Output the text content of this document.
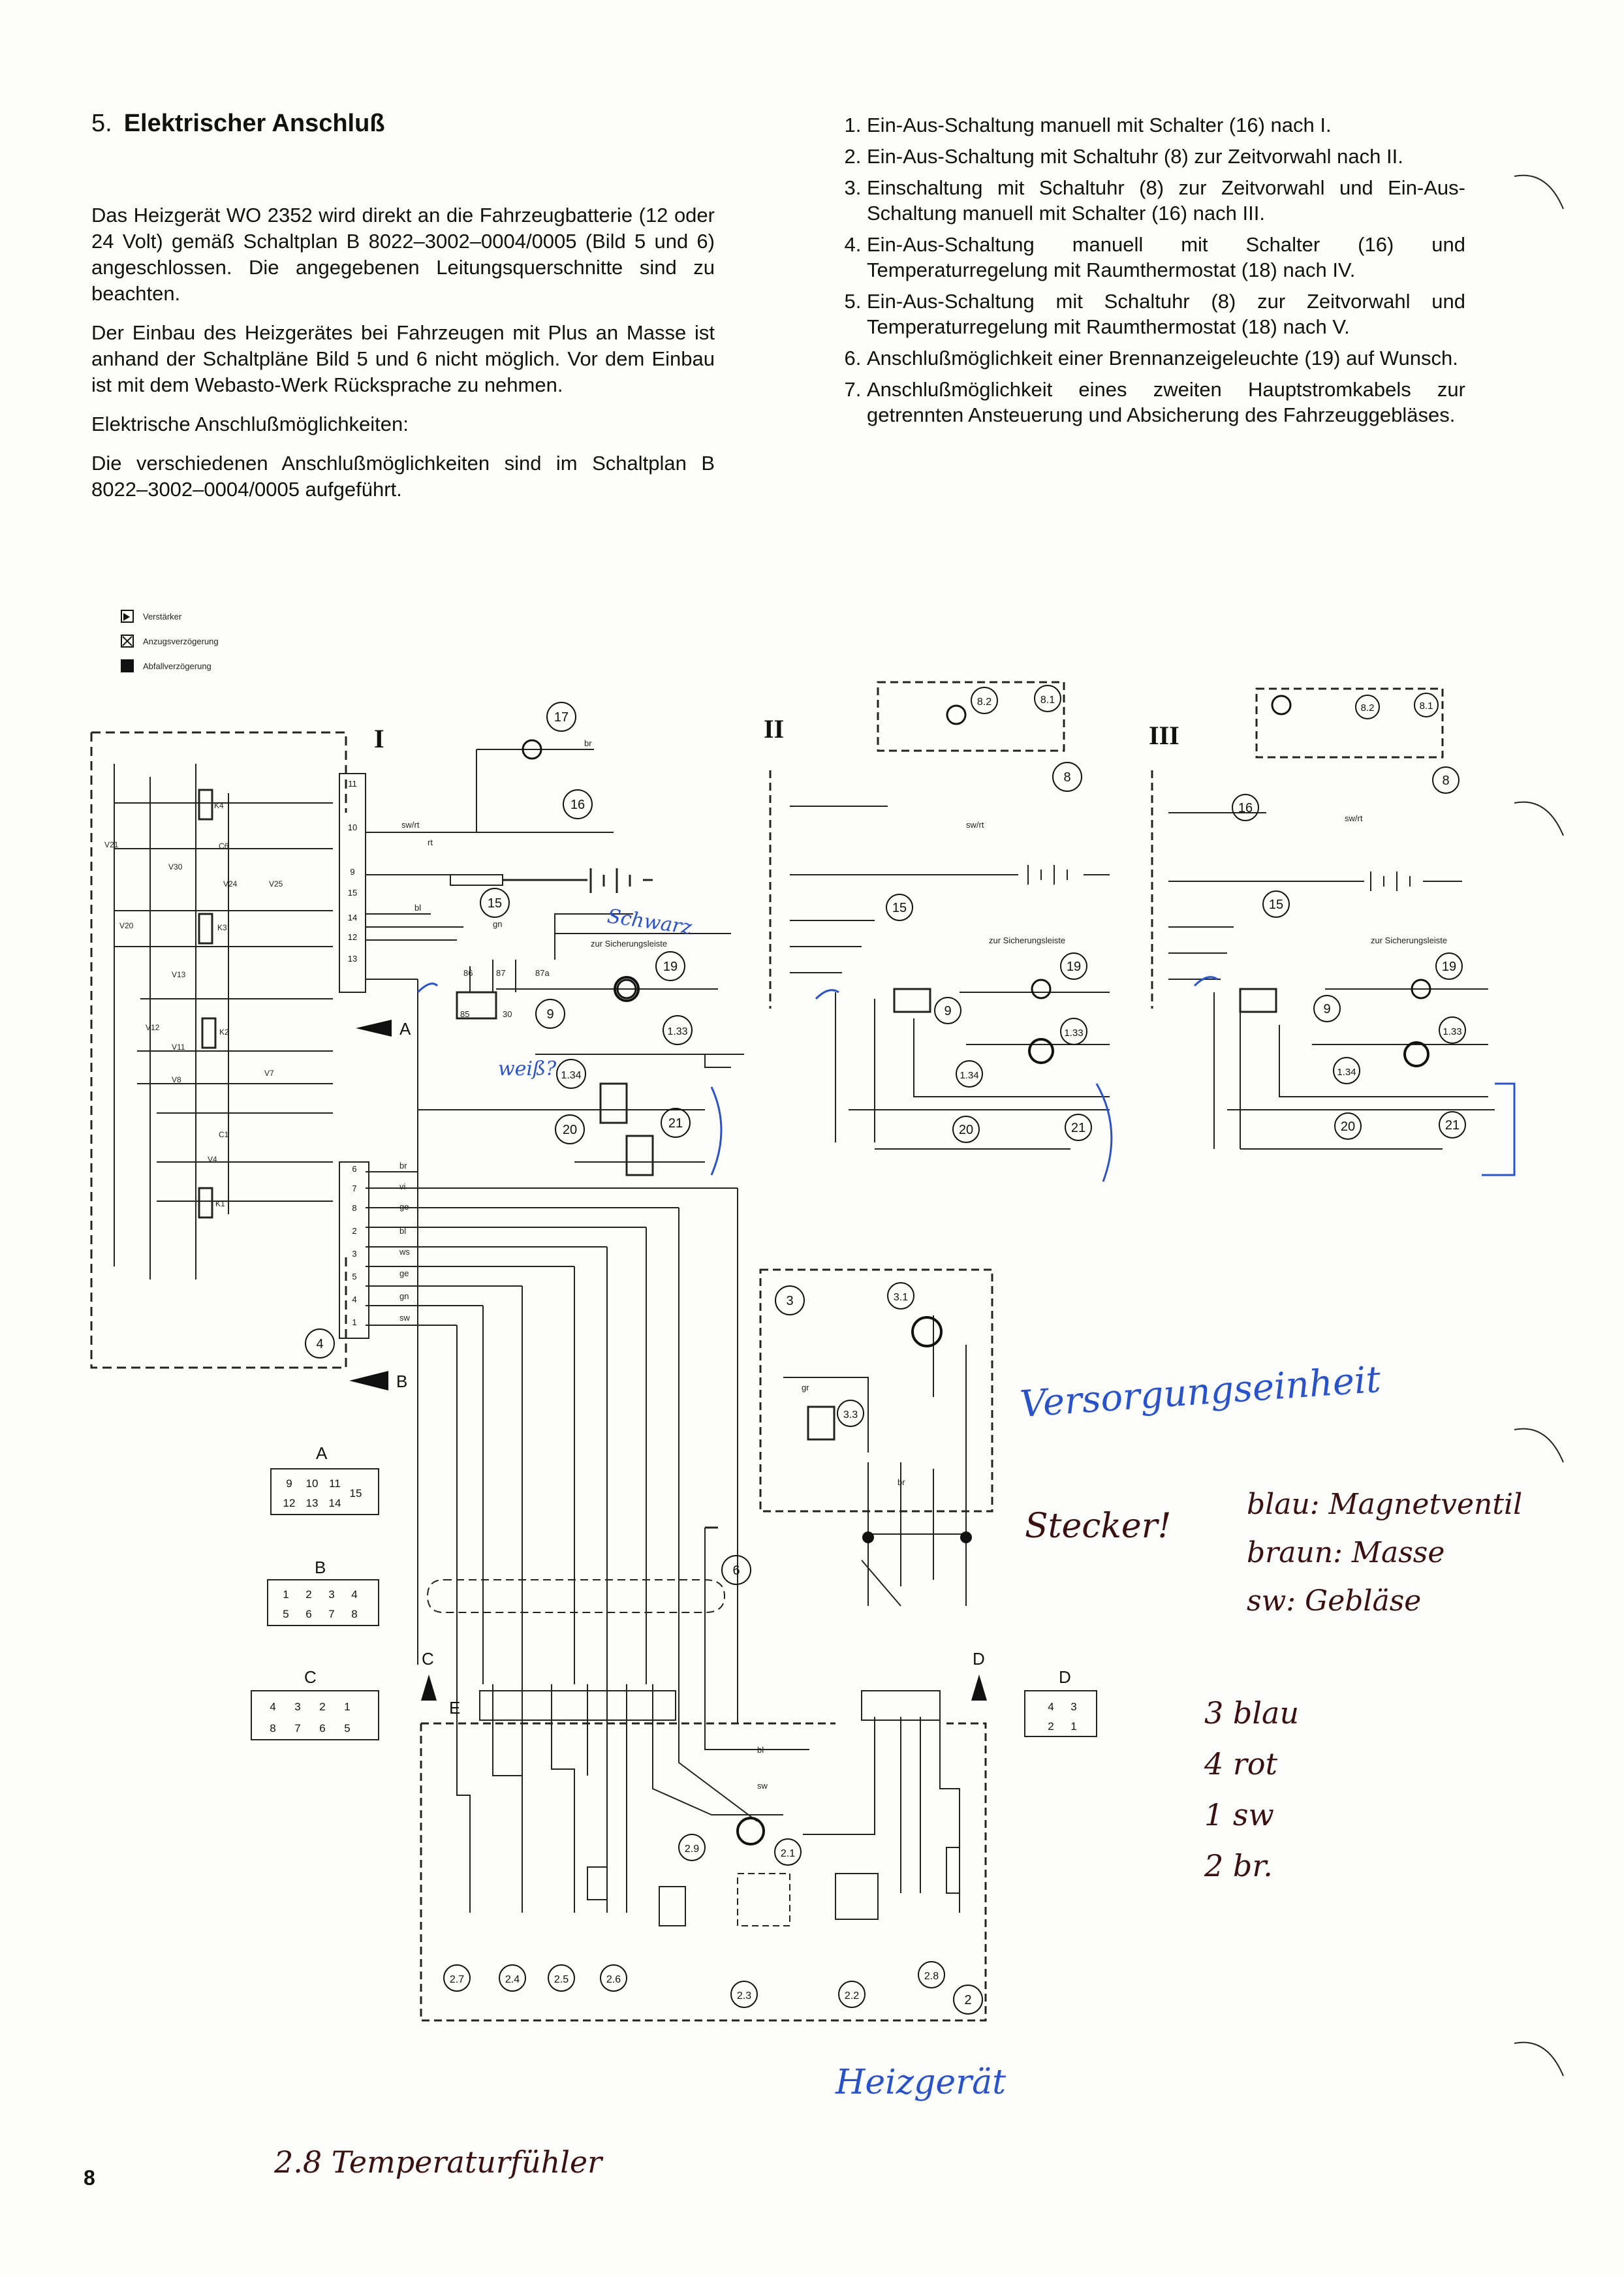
5. Elektrischer Anschluß

Das Heizgerät WO 2352 wird direkt an die Fahrzeugbatterie (12 oder 24 Volt) gemäß Schaltplan B 8022–3002–0004/0005 (Bild 5 und 6) angeschlossen. Die angegebenen Leitungsquerschnitte sind zu beachten.

Der Einbau des Heizgerätes bei Fahrzeugen mit Plus an Masse ist anhand der Schaltpläne Bild 5 und 6 nicht möglich. Vor dem Einbau ist mit dem Webasto-Werk Rücksprache zu nehmen.

Elektrische Anschlußmöglichkeiten:

Die verschiedenen Anschlußmöglichkeiten sind im Schaltplan B 8022–3002–0004/0005 aufgeführt.

1. Ein-Aus-Schaltung manuell mit Schalter (16) nach I.
2. Ein-Aus-Schaltung mit Schaltuhr (8) zur Zeitvorwahl nach II.
3. Einschaltung mit Schaltuhr (8) zur Zeitvorwahl und Ein-Aus-Schaltung manuell mit Schalter (16) nach III.
4. Ein-Aus-Schaltung manuell mit Schalter (16) und Temperaturregelung mit Raumthermostat (18) nach IV.
5. Ein-Aus-Schaltung mit Schaltuhr (8) zur Zeitvorwahl und Temperaturregelung mit Raumthermostat (18) nach V.
6. Anschlußmöglichkeit einer Brennanzeigeleuchte (19) auf Wunsch.
7. Anschlußmöglichkeit eines zweiten Hauptstromkabels zur getrennten Ansteuerung und Absicherung des Fahrzeuggebläses.
Verstärker
Anzugsverzögerung
Abfallverzögerung
I	II	III
A
B
C	D
E
A
B
C	D
17
16
15
19
9
1.33
1.34
20	21
8
8.2	8.1
4
3	3.1
3.3
6
2
2.1
2.2
2.3
2.4	2.5	2.6
2.7	2.8
2.9
15
19
9
1.33
1.34
20	21
16
8
8.2	8.1
15
19
9
1.33
1.34
20	21
br
sw/rt
rt
bl
gn
br
vi
ge
bl
ws
ge
gn
sw
86	87	87a
85	30
zur Sicherungsleiste	zur Sicherungsleiste	zur Sicherungsleiste
gr
br
bl
sw
sw/rt
sw/rt
K4
K3
K2
K1
C6
C1
V21
V30
V20
V13
V12
V11
V8
V7
V4
V24	V25
11
10
9
15
14
12
13
6
7
8
2
3
5
4
1
9 10 11
12 13 14
15
1 2 3 4
5 6 7 8
4 3 2 1
8 7 6 5
4 3
2 1
Versorgungseinheit
Stecker!
blau: Magnetventil
braun: Masse
sw: Gebläse
3 blau
4 rot
1 sw
2 br.
Heizgerät
2.8 Temperaturfühler
Schwarz
weiß?
8
